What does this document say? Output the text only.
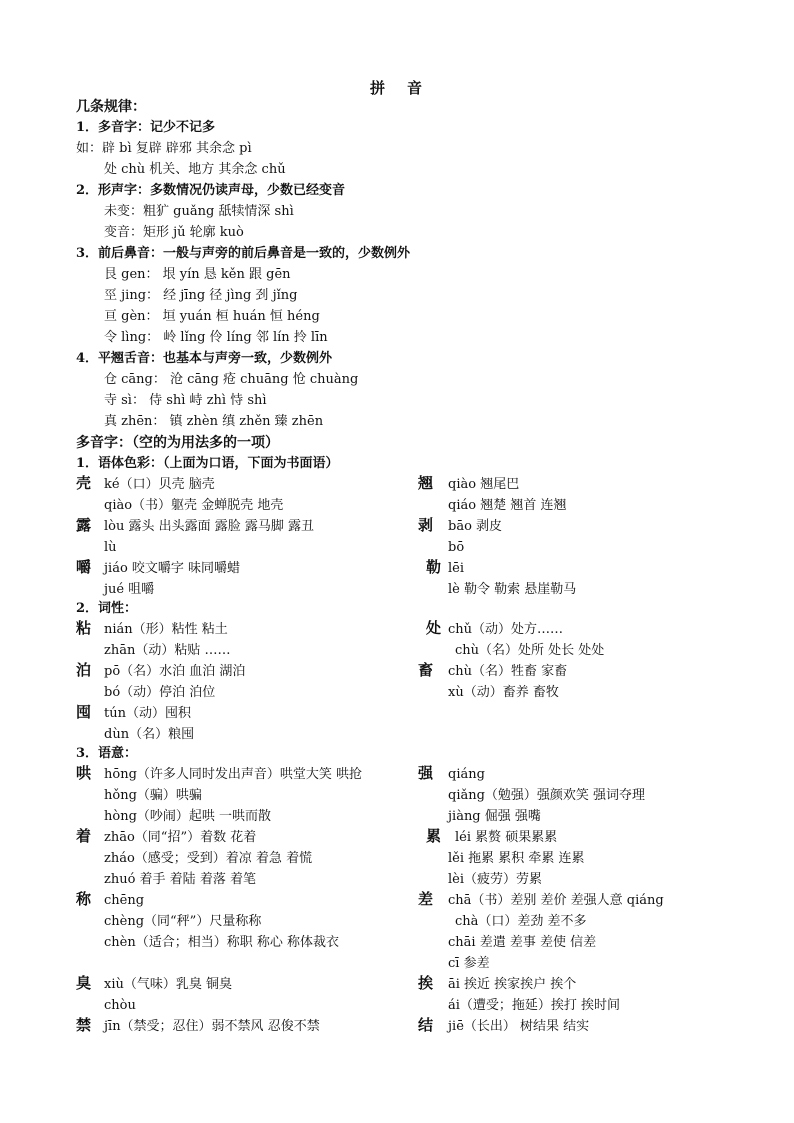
拼 音
几条规律：
1．多音字：记少不记多
如：辟 bì 复辟 辟邪 其余念 pì
处 chù 机关、地方 其余念 chǔ
2．形声字：多数情况仍读声母，少数已经变音
未变：粗犷 guǎng 舐犊情深 shì
变音：矩形 jǔ 轮廓 kuò
3．前后鼻音：一般与声旁的前后鼻音是一致的，少数例外
艮 gen： 垠 yín 恳 kěn 跟 gēn
巠 jing： 经 jīng 径 jìng 刭 jǐng
亘 gèn： 垣 yuán 桓 huán 恒 héng
令 lìng： 岭 lǐng 伶 líng 邻 lín 拎 līn
4．平翘舌音：也基本与声旁一致，少数例外
仓 cāng： 沧 cāng 疮 chuāng 怆 chuàng
寺 sì： 侍 shì 峙 zhì 恃 shì
真 zhēn： 镇 zhèn 缜 zhěn 臻 zhēn
多音字：（空的为用法多的一项）
1．语体色彩：（上面为口语，下面为书面语）
壳 ké（口）贝壳 脑壳
qiào（书）躯壳 金蝉脱壳 地壳
翘 qiào 翘尾巴
qiáo 翘楚 翘首 连翘
露 lòu 露头 出头露面 露脸 露马脚 露丑
lù
剥 bāo 剥皮
bō
嚼 jiáo 咬文嚼字 味同嚼蜡
jué 咀嚼
勒 lēi
lè 勒令 勒索 悬崖勒马
2．词性：
粘 nián（形）粘性 粘土
zhān（动）粘贴 ……
处 chǔ（动）处方……
chù（名）处所 处长 处处
泊 pō（名）水泊 血泊 湖泊
bó（动）停泊 泊位
畜 chù（名）牲畜 家畜
xù（动）畜养 畜牧
囤 tún（动）囤积
dùn（名）粮囤
3．语意：
哄 hōng（许多人同时发出声音）哄堂大笑 哄抢
hǒng（骗）哄骗
hòng（吵闹）起哄 一哄而散
强 qiáng
qiǎng（勉强）强颜欢笑 强词夺理
jiàng 倔强 强嘴
着 zhāo（同“招”）着数 花着
zháo（感受；受到）着凉 着急 着慌
zhuó 着手 着陆 着落 着笔
累 léi 累赘 硕果累累
lěi 拖累 累积 牵累 连累
lèi（疲劳）劳累
称 chēng
chèng（同“秤”）尺量称称
chèn（适合；相当）称职 称心 称体裁衣
差 chā（书）差别 差价 差强人意 qiáng
chà（口）差劲 差不多
chāi 差遣 差事 差使 信差
cī 参差
臭 xiù（气味）乳臭 铜臭
chòu
挨 āi 挨近 挨家挨户 挨个
ái（遭受；拖延）挨打 挨时间
禁 jīn（禁受；忍住）弱不禁风 忍俊不禁	结 jiē（长出） 树结果 结实
